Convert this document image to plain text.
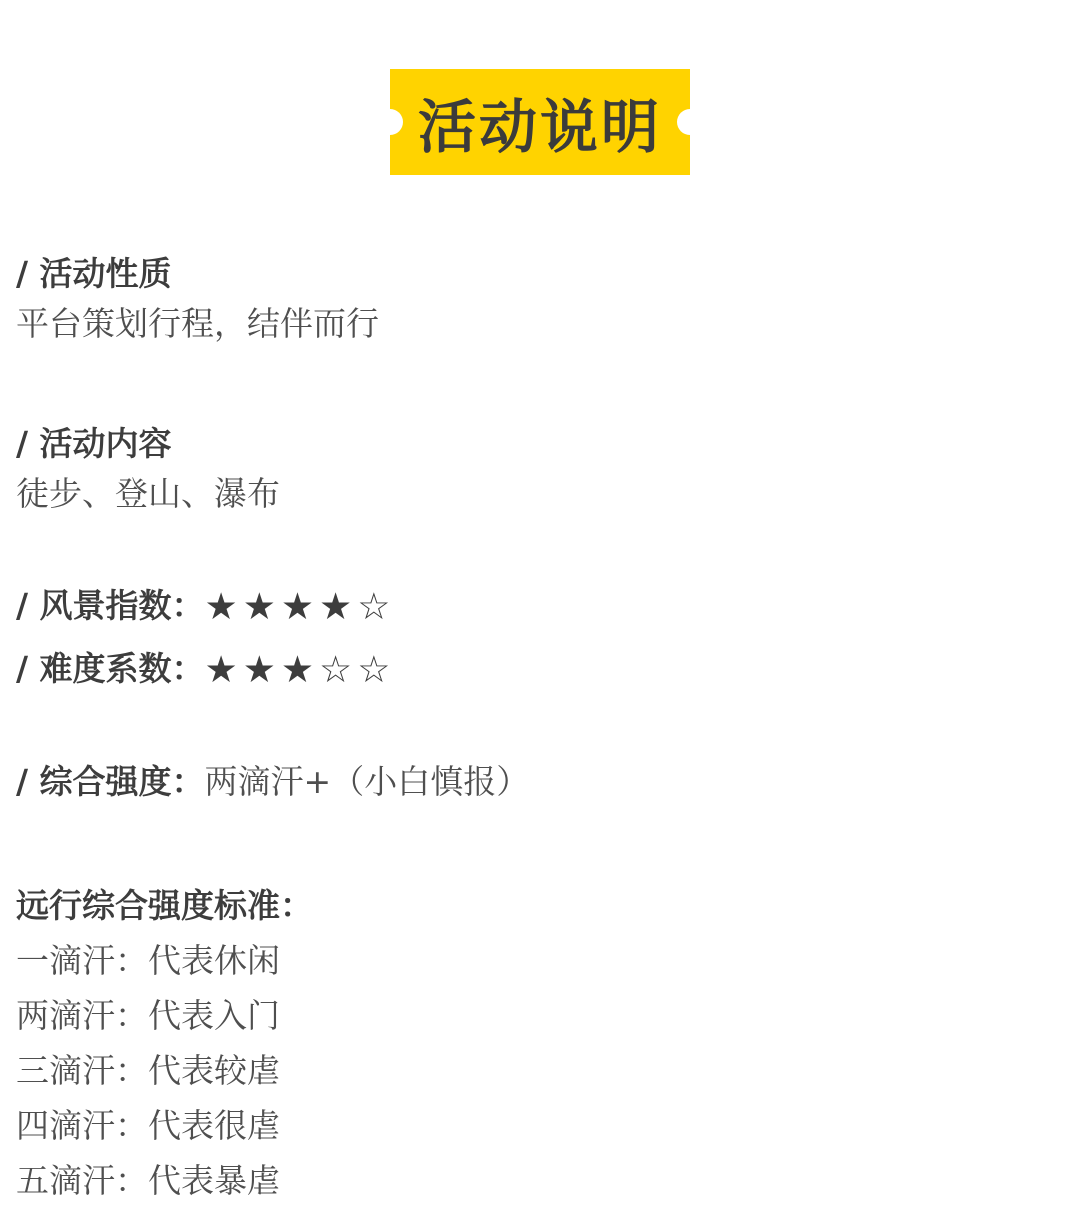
活动说明
/ 活动性质
平台策划行程，结伴而行
/ 活动内容
徒步、登山、瀑布
/ 风景指数：★★★★☆
/ 难度系数：★★★☆☆
/ 综合强度：两滴汗+（小白慎报）
远行综合强度标准：
一滴汗：代表休闲
两滴汗：代表入门
三滴汗：代表较虐
四滴汗：代表很虐
五滴汗：代表暴虐
